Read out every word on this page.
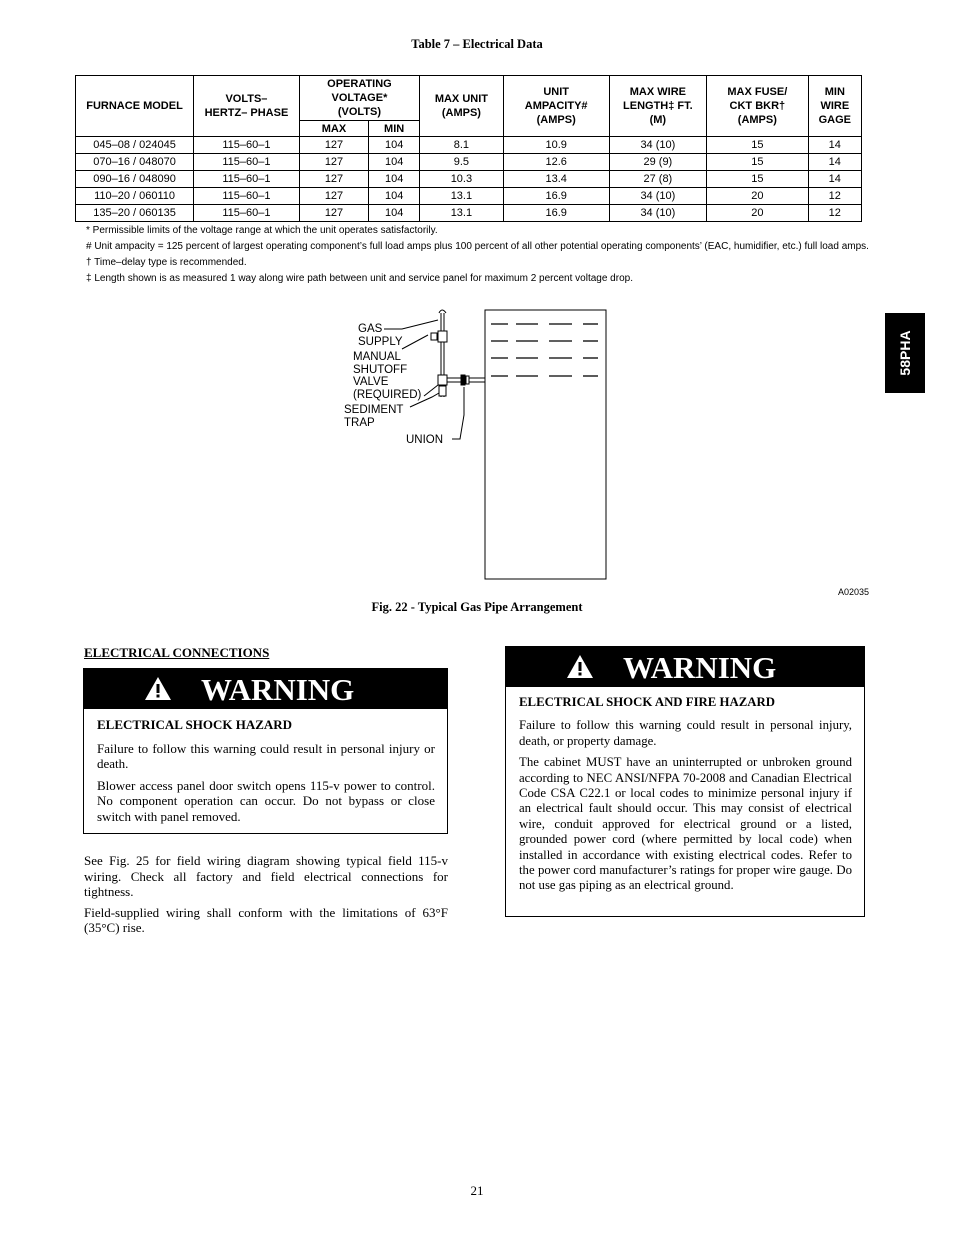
Table 7 – Electrical Data
FURNACE MODEL	VOLTS– HERTZ– PHASE	OPERATING VOLTAGE* (VOLTS)		MAX UNIT (AMPS)	UNIT AMPACITY# (AMPS)	MAX WIRE LENGTH‡ FT. (M)	MAX FUSE/ CKT BKR† (AMPS)	MIN WIRE GAGE
		MAX	MIN					
045–08 / 024045	115–60–1	127	104	8.1	10.9	34 (10)	15	14
070–16 / 048070	115–60–1	127	104	9.5	12.6	29 (9)	15	14
090–16 / 048090	115–60–1	127	104	10.3	13.4	27 (8)	15	14
110–20 / 060110	115–60–1	127	104	13.1	16.9	34 (10)	20	12
135–20 / 060135	115–60–1	127	104	13.1	16.9	34 (10)	20	12
* Permissible limits of the voltage range at which the unit operates satisfactorily.
# Unit ampacity = 125 percent of largest operating component’s full load amps plus 100 percent of all other potential operating components’ (EAC, humidifier, etc.) full load amps.
† Time–delay type is recommended.
‡ Length shown is as measured 1 way along wire path between unit and service panel for maximum 2 percent voltage drop.
GAS
SUPPLY
MANUAL
SHUTOFF
VALVE
(REQUIRED)
SEDIMENT
TRAP
UNION
A02035
Fig. 22 - Typical Gas Pipe Arrangement
58PHA
ELECTRICAL CONNECTIONS
WARNING
ELECTRICAL SHOCK HAZARD

Failure to follow this warning could result in personal injury or death.

Blower access panel door switch opens 115-v power to control. No component operation can occur. Do not bypass or close switch with panel removed.

WARNING
ELECTRICAL SHOCK AND FIRE HAZARD

Failure to follow this warning could result in personal injury, death, or property damage.

The cabinet MUST have an uninterrupted or unbroken ground according to NEC ANSI/NFPA 70-2008 and Canadian Electrical Code CSA C22.1 or local codes to minimize personal injury if an electrical fault should occur. This may consist of electrical wire, conduit approved for electrical ground or a listed, grounded power cord (where permitted by local code) when installed in accordance with existing electrical codes. Refer to the power cord manufacturer’s ratings for proper wire gauge. Do not use gas piping as an electrical ground.

See Fig. 25 for field wiring diagram showing typical field 115-v wiring. Check all factory and field electrical connections for tightness.

Field-supplied wiring shall conform with the limitations of 63°F (35°C) rise.

21
